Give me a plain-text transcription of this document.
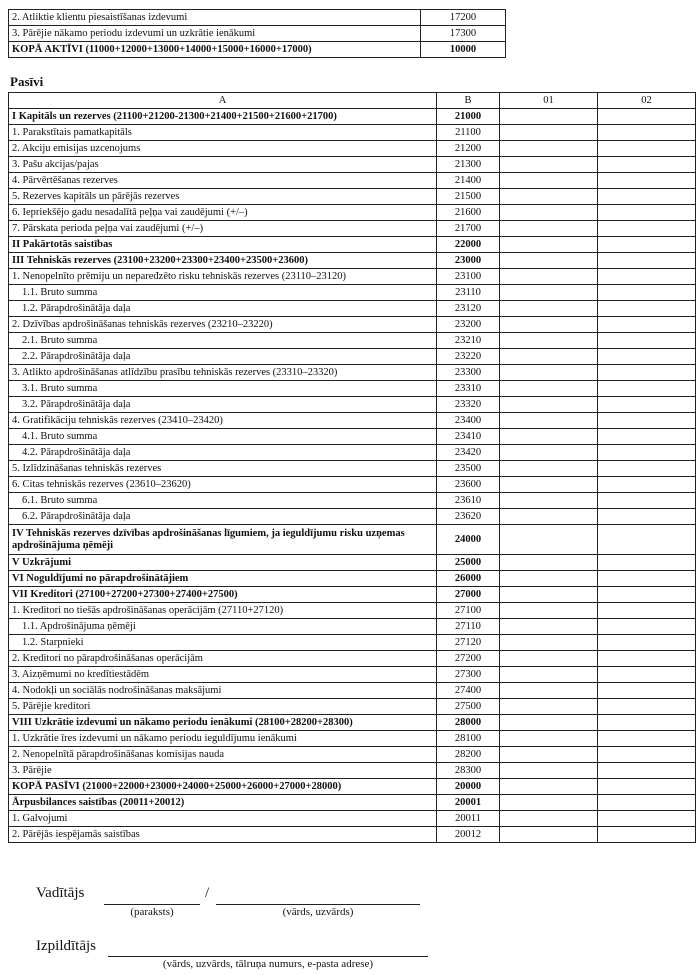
2. Atliktie klientu piesaistīšanas izdevumi	17200
3. Pārējie nākamo periodu izdevumi un uzkrātie ienākumi	17300
KOPĀ AKTĪVI (11000+12000+13000+14000+15000+16000+17000)	10000
Pasīvi
A	B	01	02
I Kapitāls un rezerves (21100+21200-21300+21400+21500+21600+21700)	21000		
1. Parakstītais pamatkapitāls	21100		
2. Akciju emisijas uzcenojums	21200		
3. Pašu akcijas/pajas	21300		
4. Pārvērtēšanas rezerves	21400		
5. Rezerves kapitāls un pārējās rezerves	21500		
6. Iepriekšējo gadu nesadalītā peļņa vai zaudējumi (+/–)	21600		
7. Pārskata perioda peļņa vai zaudējumi (+/–)	21700		
II Pakārtotās saistības	22000		
III Tehniskās rezerves (23100+23200+23300+23400+23500+23600)	23000		
1. Nenopelnīto prēmiju un nepaređzēto risku tehniskās rezerves (23110–23120)	23100		
1.1. Bruto summa	23110		
1.2. Pārapdrošinātāja daļa	23120		
2. Dzīvības apdrošināšanas tehniskās rezerves (23210–23220)	23200		
2.1. Bruto summa	23210		
2.2. Pārapdrošinātāja daļa	23220		
3. Atlikto apdrošināšanas atlīdzību prasību tehniskās rezerves (23310–23320)	23300		
3.1. Bruto summa	23310		
3.2. Pārapdrošinātāja daļa	23320		
4. Gratifikāciju tehniskās rezerves (23410–23420)	23400		
4.1. Bruto summa	23410		
4.2. Pārapdrošinātāja daļa	23420		
5. Izlīdzināšanas tehniskās rezerves	23500		
6. Citas tehniskās rezerves (23610–23620)	23600		
6.1. Bruto summa	23610		
6.2. Pārapdrošinātāja daļa	23620		
IV Tehniskās rezerves dzīvības apdrošināšanas līgumiem, ja ieguldījumu risku uzņemas apdrošinājuma ņēmēji	24000		
V Uzkrājumi	25000		
VI Noguldījumi no pārapdrošinātājiem	26000		
VII Kreditori (27100+27200+27300+27400+27500)	27000		
1. Kreditori no tiešās apdrošināšanas operācijām (27110+27120)	27100		
1.1. Apdrošinājuma ņēmēji	27110		
1.2. Starpnieki	27120		
2. Kreditori no pārapdrošināšanas operācijām	27200		
3. Aizņēmumi no kredītiestādēm	27300		
4. Nodokļi un sociālās nodrošināšanas maksājumi	27400		
5. Pārējie kreditori	27500		
VIII Uzkrātie izdevumi un nākamo periodu ienākumi (28100+28200+28300)	28000		
1. Uzkrātie īres izdevumi un nākamo periodu ieguldījumu ienākumi	28100		
2. Nenopelnītā pārapdrošināšanas komisijas nauda	28200		
3. Pārējie	28300		
KOPĀ PASĪVI (21000+22000+23000+24000+25000+26000+27000+28000)	20000		
Ārpusbilances saistības (20011+20012)	20001		
1. Galvojumi	20011		
2. Pārējās iespējamās saistības	20012		
Vadītājs	/
(paraksts)	(vārds, uzvārds)
Izpildītājs
(vārds, uzvārds, tālruņa numurs, e-pasta adrese)
